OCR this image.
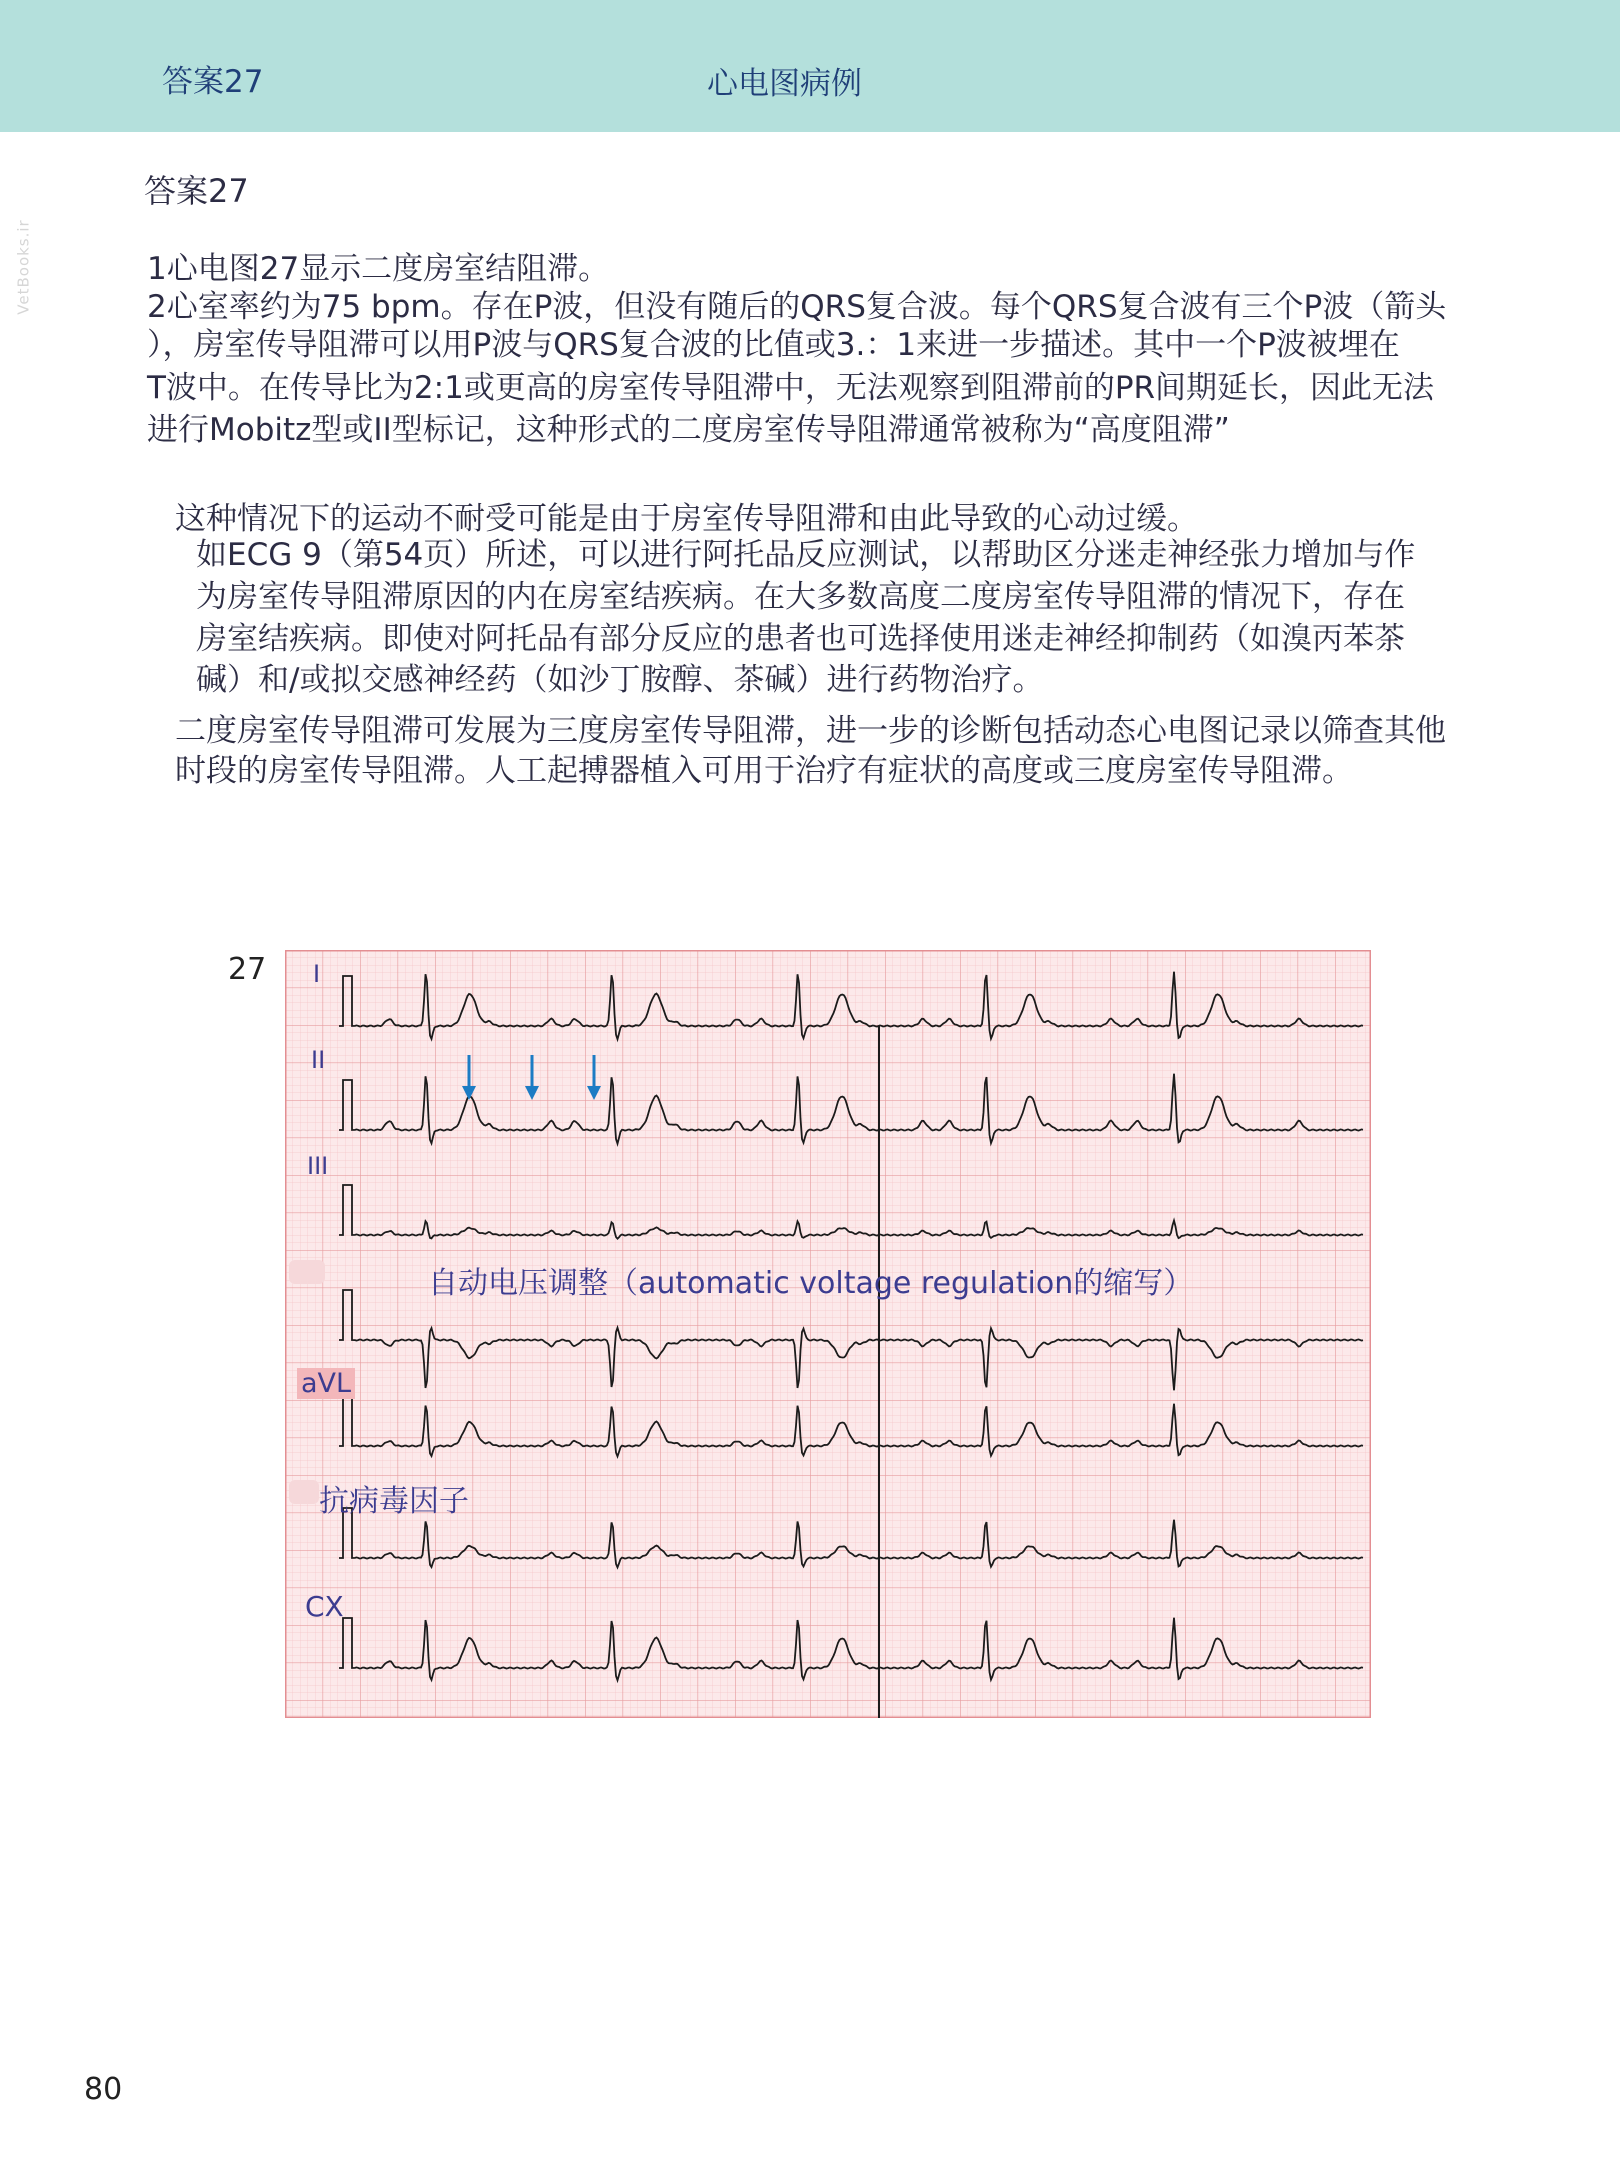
答案27	心电图病例
VetBooks.ir
答案27
1心电图27显示二度房室结阻滞。
2心室率约为75 bpm。存在P波，但没有随后的QRS复合波。每个QRS复合波有三个P波（箭头
），房室传导阻滞可以用P波与QRS复合波的比值或3.：1来进一步描述。其中一个P波被埋在
T波中。在传导比为2:1或更高的房室传导阻滞中，无法观察到阻滞前的PR间期延长，因此无法
进行Mobitz型或II型标记，这种形式的二度房室传导阻滞通常被称为“高度阻滞”
这种情况下的运动不耐受可能是由于房室传导阻滞和由此导致的心动过缓。
如ECG 9（第54页）所述，可以进行阿托品反应测试，以帮助区分迷走神经张力增加与作
为房室传导阻滞原因的内在房室结疾病。在大多数高度二度房室传导阻滞的情况下，存在
房室结疾病。即使对阿托品有部分反应的患者也可选择使用迷走神经抑制药（如溴丙苯茶
碱）和/或拟交感神经药（如沙丁胺醇、茶碱）进行药物治疗。
二度房室传导阻滞可发展为三度房室传导阻滞，进一步的诊断包括动态心电图记录以筛查其他
时段的房室传导阻滞。人工起搏器植入可用于治疗有症状的高度或三度房室传导阻滞。
27 I
II
III
自动电压调整（automatic voltage regulation的缩写）
aVL
抗病毒因子
CX
80
